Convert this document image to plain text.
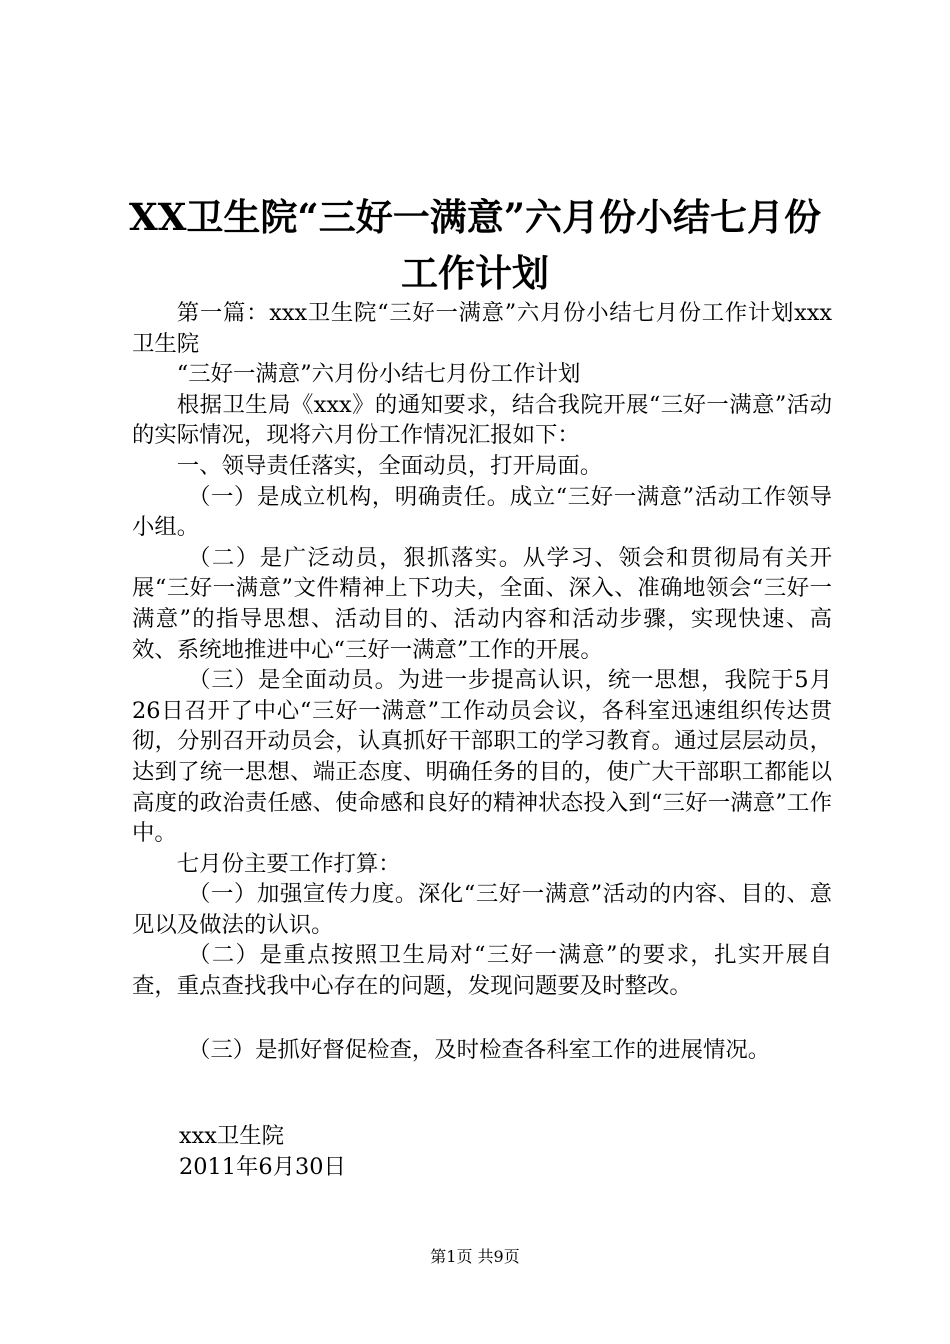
XX卫生院“三好一满意”六月份小结七月份
工作计划

第一篇：xxx卫生院“三好一满意”六月份小结七月份工作计划xxx卫生院

“三好一满意”六月份小结七月份工作计划

根据卫生局《xxx》的通知要求，结合我院开展“三好一满意”活动的实际情况，现将六月份工作情况汇报如下：

一、领导责任落实，全面动员，打开局面。

（一）是成立机构，明确责任。成立“三好一满意”活动工作领导小组。

（二）是广泛动员，狠抓落实。从学习、领会和贯彻局有关开展“三好一满意”文件精神上下功夫，全面、深入、准确地领会“三好一满意”的指导思想、活动目的、活动内容和活动步骤，实现快速、高效、系统地推进中心“三好一满意”工作的开展。

（三）是全面动员。为进一步提高认识，统一思想，我院于5月26日召开了中心“三好一满意”工作动员会议，各科室迅速组织传达贯彻，分别召开动员会，认真抓好干部职工的学习教育。通过层层动员，达到了统一思想、端正态度、明确任务的目的，使广大干部职工都能以高度的政治责任感、使命感和良好的精神状态投入到“三好一满意”工作中。

七月份主要工作打算：

（一）加强宣传力度。深化“三好一满意”活动的内容、目的、意见以及做法的认识。

（二）是重点按照卫生局对“三好一满意”的要求，扎实开展自查，重点查找我中心存在的问题，发现问题要及时整改。

（三）是抓好督促检查，及时检查各科室工作的进展情况。

xxx卫生院
2011年6月30日
第1页 共9页
